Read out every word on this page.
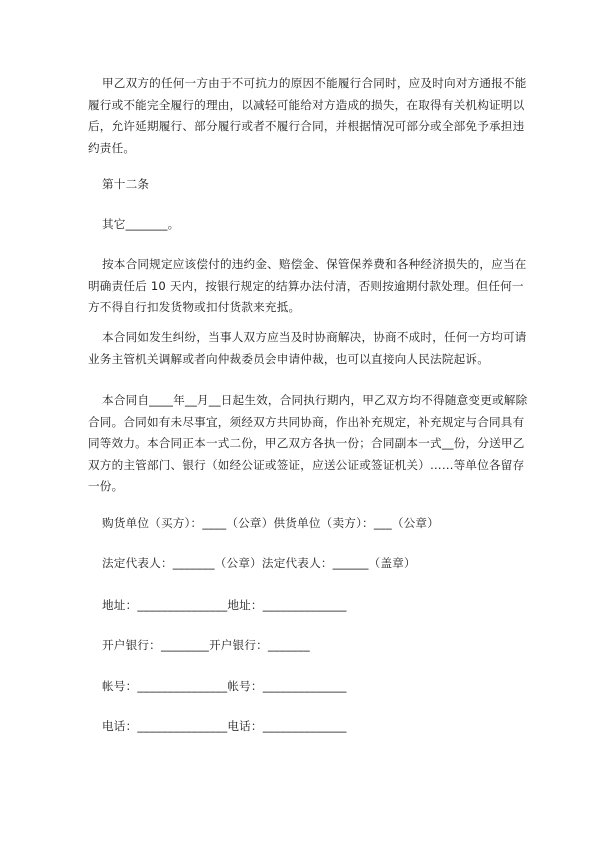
甲乙双方的任何一方由于不可抗力的原因不能履行合同时，应及时向对方通报不能履行或不能完全履行的理由，以减轻可能给对方造成的损失，在取得有关机构证明以后，允许延期履行、部分履行或者不履行合同，并根据情况可部分或全部免予承担违约责任。

第十二条

其它_______。

按本合同规定应该偿付的违约金、赔偿金、保管保养费和各种经济损失的，应当在明确责任后 10 天内，按银行规定的结算办法付清，否则按逾期付款处理。但任何一方不得自行扣发货物或扣付货款来充抵。

本合同如发生纠纷，当事人双方应当及时协商解决，协商不成时，任何一方均可请业务主管机关调解或者向仲裁委员会申请仲裁，也可以直接向人民法院起诉。

本合同自____年__月__日起生效，合同执行期内，甲乙双方均不得随意变更或解除合同。合同如有未尽事宜，须经双方共同协商，作出补充规定，补充规定与合同具有同等效力。本合同正本一式二份，甲乙双方各执一份；合同副本一式__份，分送甲乙双方的主管部门、银行（如经公证或签证，应送公证或签证机关）……等单位各留存一份。

购货单位（买方）：____（公章）供货单位（卖方）：___（公章）

法定代表人：_______（公章）法定代表人：______（盖章）

地址：_______________地址：______________

开户银行：________开户银行：_______

帐号：_______________帐号：______________

电话：_______________电话：______________
